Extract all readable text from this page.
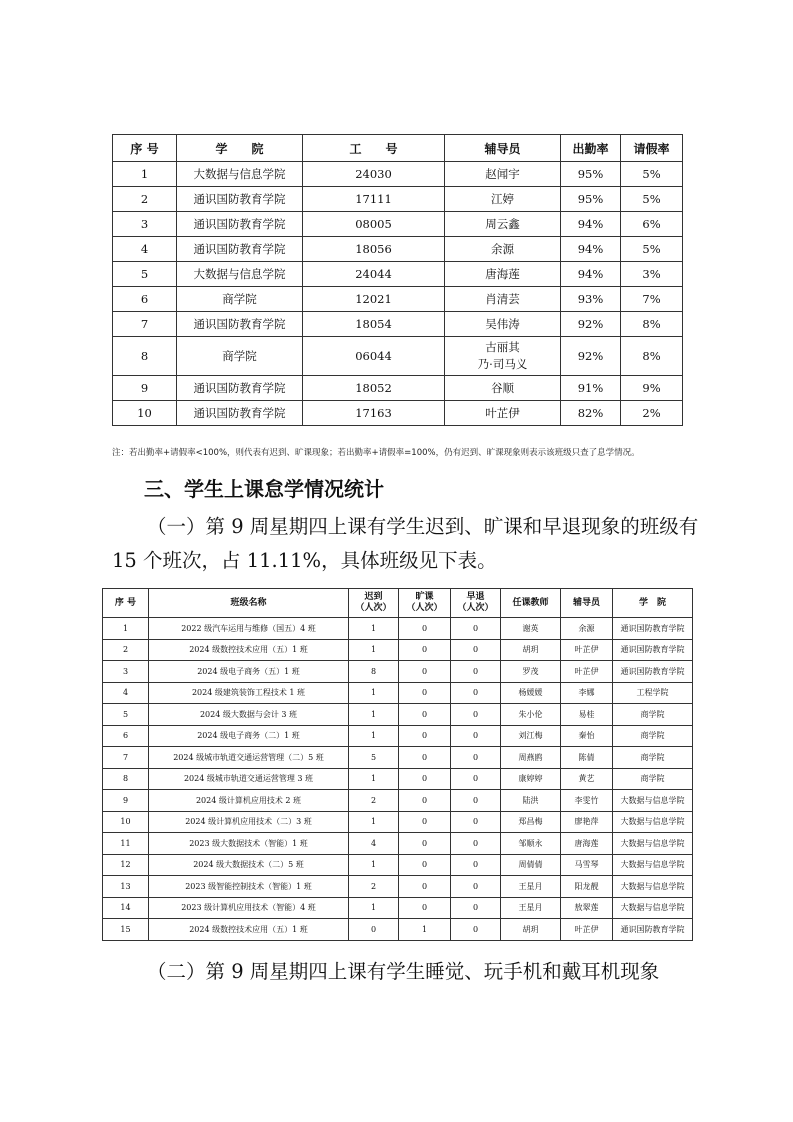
序 号	学　　院	工　　号	辅导员	出勤率	请假率
1	大数据与信息学院	24030	赵闻宇	95%	5%
2	通识国防教育学院	17111	江婷	95%	5%
3	通识国防教育学院	08005	周云鑫	94%	6%
4	通识国防教育学院	18056	余源	94%	5%
5	大数据与信息学院	24044	唐海莲	94%	3%
6	商学院	12021	肖清芸	93%	7%
7	通识国防教育学院	18054	吴伟涛	92%	8%
8	商学院	06044	古丽其
乃·司马义	92%	8%
9	通识国防教育学院	18052	谷顺	91%	9%
10	通识国防教育学院	17163	叶芷伊	82%	2%
注：若出勤率+请假率<100%，则代表有迟到、旷课现象；若出勤率+请假率=100%，仍有迟到、旷课现象则表示该班级只查了息学情况。
三、学生上课怠学情况统计

（一）第 9 周星期四上课有学生迟到、旷课和早退现象的班级有 15 个班次，占 11.11%，具体班级见下表。

序 号	班级名称	迟到
（人次）	旷课
（人次）	早退
（人次）	任课教师	辅导员	学　院
1	2022 级汽车运用与维修（国五）4 班	1	0	0	谢英	余源	通识国防教育学院
2	2024 级数控技术应用（五）1 班	1	0	0	胡玥	叶芷伊	通识国防教育学院
3	2024 级电子商务（五）1 班	8	0	0	罗茂	叶芷伊	通识国防教育学院
4	2024 级建筑装饰工程技术 1 班	1	0	0	杨媛媛	李娜	工程学院
5	2024 级大数据与会计 3 班	1	0	0	朱小伦	易桂	商学院
6	2024 级电子商务（二）1 班	1	0	0	刘江梅	秦怡	商学院
7	2024 级城市轨道交通运营管理（二）5 班	5	0	0	周燕鸥	陈倩	商学院
8	2024 级城市轨道交通运营管理 3 班	1	0	0	康婷婷	黄艺	商学院
9	2024 级计算机应用技术 2 班	2	0	0	陆洪	李雯竹	大数据与信息学院
10	2024 级计算机应用技术（二）3 班	1	0	0	郑昌梅	廖艳萍	大数据与信息学院
11	2023 级大数据技术（智能）1 班	4	0	0	邹顺永	唐海莲	大数据与信息学院
12	2024 级大数据技术（二）5 班	1	0	0	周倩倩	马雪琴	大数据与信息学院
13	2023 级智能控制技术（智能）1 班	2	0	0	王星月	阳龙靓	大数据与信息学院
14	2023 级计算机应用技术（智能）4 班	1	0	0	王星月	敖翠莲	大数据与信息学院
15	2024 级数控技术应用（五）1 班	0	1	0	胡玥	叶芷伊	通识国防教育学院

（二）第 9 周星期四上课有学生睡觉、玩手机和戴耳机现象
